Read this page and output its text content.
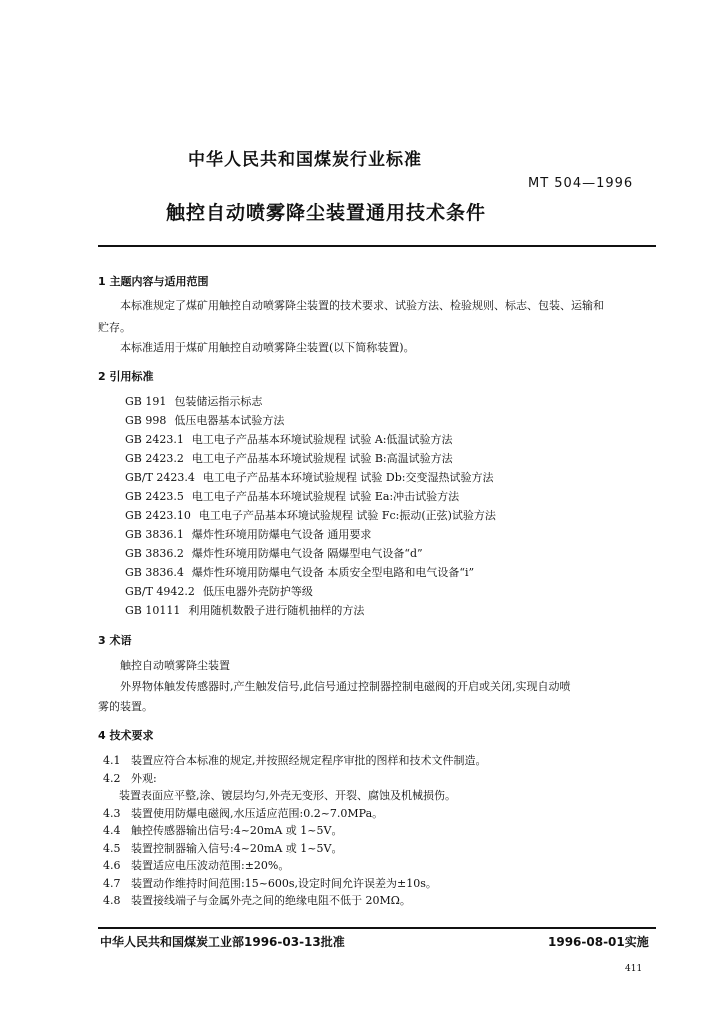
中华人民共和国煤炭行业标准
MT 504—1996
触控自动喷雾降尘装置通用技术条件
1 主题内容与适用范围
本标准规定了煤矿用触控自动喷雾降尘装置的技术要求、试验方法、检验规则、标志、包装、运输和
贮存。
本标准适用于煤矿用触控自动喷雾降尘装置(以下简称装置)。
2 引用标准
GB 191 包装储运指示标志
GB 998 低压电器基本试验方法
GB 2423.1 电工电子产品基本环境试验规程 试验 A:低温试验方法
GB 2423.2 电工电子产品基本环境试验规程 试验 B:高温试验方法
GB/T 2423.4 电工电子产品基本环境试验规程 试验 Db:交变湿热试验方法
GB 2423.5 电工电子产品基本环境试验规程 试验 Ea:冲击试验方法
GB 2423.10 电工电子产品基本环境试验规程 试验 Fc:振动(正弦)试验方法
GB 3836.1 爆炸性环境用防爆电气设备 通用要求
GB 3836.2 爆炸性环境用防爆电气设备 隔爆型电气设备“d”
GB 3836.4 爆炸性环境用防爆电气设备 本质安全型电路和电气设备“i”
GB/T 4942.2 低压电器外壳防护等级
GB 10111 利用随机数骰子进行随机抽样的方法
3 术语
触控自动喷雾降尘装置
外界物体触发传感器时,产生触发信号,此信号通过控制器控制电磁阀的开启或关闭,实现自动喷
雾的装置。
4 技术要求
4.1 装置应符合本标准的规定,并按照经规定程序审批的图样和技术文件制造。
4.2 外观:
装置表面应平整,涂、镀层均匀,外壳无变形、开裂、腐蚀及机械损伤。
4.3 装置使用防爆电磁阀,水压适应范围:0.2~7.0MPa。
4.4 触控传感器输出信号:4~20mA 或 1~5V。
4.5 装置控制器输入信号:4~20mA 或 1~5V。
4.6 装置适应电压波动范围:±20%。
4.7 装置动作维持时间范围:15~600s,设定时间允许误差为±10s。
4.8 装置接线端子与金属外壳之间的绝缘电阻不低于 20MΩ。
中华人民共和国煤炭工业部1996-03-13批准	1996-08-01实施
411
